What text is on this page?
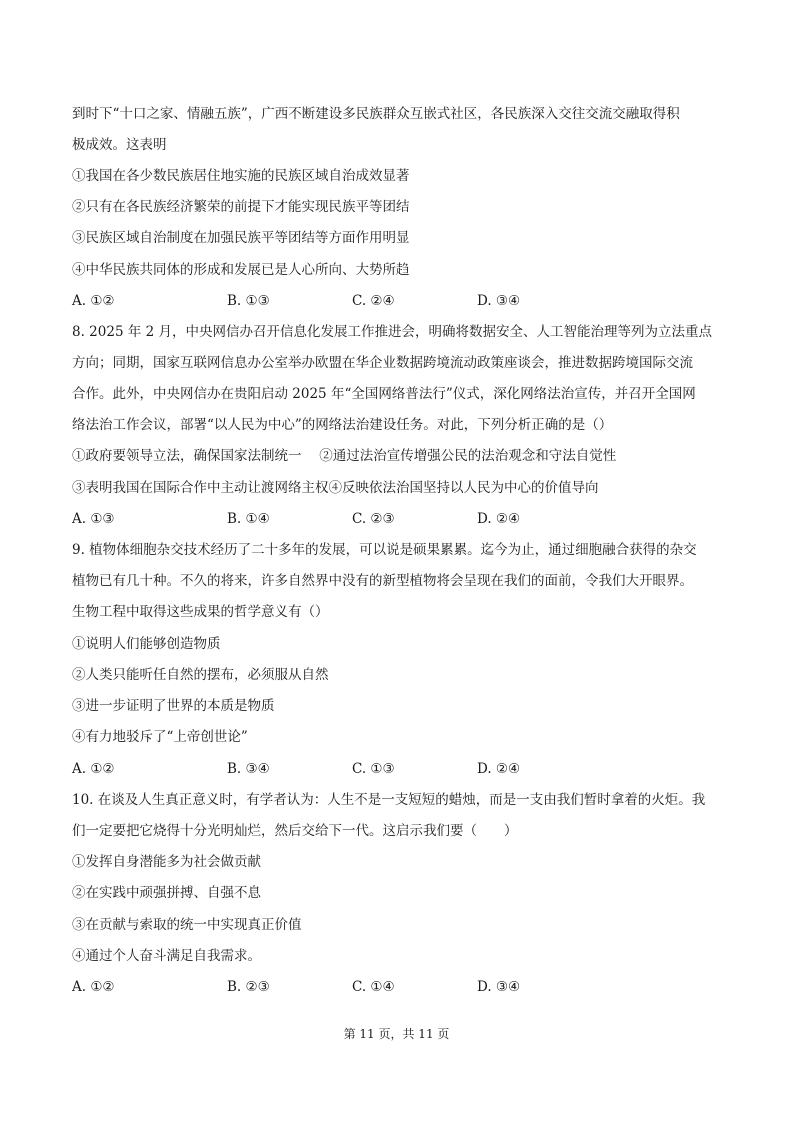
到时下“十口之家、情融五族”，广西不断建设多民族群众互嵌式社区，各民族深入交往交流交融取得积
极成效。这表明
①我国在各少数民族居住地实施的民族区域自治成效显著
②只有在各民族经济繁荣的前提下才能实现民族平等团结
③民族区域自治制度在加强民族平等团结等方面作用明显
④中华民族共同体的形成和发展已是人心所向、大势所趋
A. ①②	B. ①③	C. ②④	D. ③④
8. 2025 年 2 月，中央网信办召开信息化发展工作推进会，明确将数据安全、人工智能治理等列为立法重点
方向；同期，国家互联网信息办公室举办欧盟在华企业数据跨境流动政策座谈会，推进数据跨境国际交流
合作。此外，中央网信办在贵阳启动 2025 年“全国网络普法行”仪式，深化网络法治宣传，并召开全国网
络法治工作会议，部署“以人民为中心”的网络法治建设任务。对此，下列分析正确的是（）
①政府要领导立法，确保国家法制统一　 ②通过法治宣传增强公民的法治观念和守法自觉性
③表明我国在国际合作中主动让渡网络主权④反映依法治国坚持以人民为中心的价值导向
A. ①③	B. ①④	C. ②③	D. ②④
9. 植物体细胞杂交技术经历了二十多年的发展，可以说是硕果累累。迄今为止，通过细胞融合获得的杂交
植物已有几十种。不久的将来，许多自然界中没有的新型植物将会呈现在我们的面前，令我们大开眼界。
生物工程中取得这些成果的哲学意义有（）
①说明人们能够创造物质
②人类只能听任自然的摆布，必须服从自然
③进一步证明了世界的本质是物质
④有力地驳斥了“上帝创世论”
A. ①②	B. ③④	C. ①③	D. ②④
10. 在谈及人生真正意义时，有学者认为：人生不是一支短短的蜡烛，而是一支由我们暂时拿着的火炬。我
们一定要把它烧得十分光明灿烂，然后交给下一代。这启示我们要（　　）
①发挥自身潜能多为社会做贡献
②在实践中顽强拼搏、自强不息
③在贡献与索取的统一中实现真正价值
④通过个人奋斗满足自我需求。
A. ①②	B. ②③	C. ①④	D. ③④
第 11 页，共 11 页
